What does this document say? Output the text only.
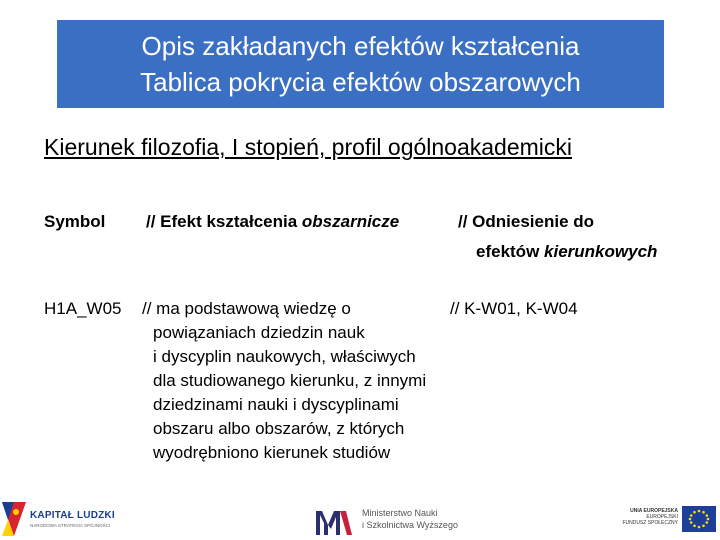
Opis zakładanych efektów kształcenia
Tablica pokrycia efektów obszarowych
Kierunek filozofia, I stopień, profil ogólnoakademicki
Symbol // Efekt kształcenia obszarnicze	// Odniesienie do
efektów kierunkowych
H1A_W05 // ma podstawową wiedzę o	// K-W01, K-W04
powiązaniach dziedzin nauk
i dyscyplin naukowych, właściwych
dla studiowanego kierunku, z innymi
dziedzinami nauki i dyscyplinami
obszaru albo obszarów, z których
wyodrębniono kierunek studiów
KAPITAŁ LUDZKI
NARODOWA STRATEGIA SPÓJNOŚCI
Ministerstwo Nauki
i Szkolnictwa Wyższego
UNIA EUROPEJSKA
EUROPEJSKI
FUNDUSZ SPOŁECZNY
